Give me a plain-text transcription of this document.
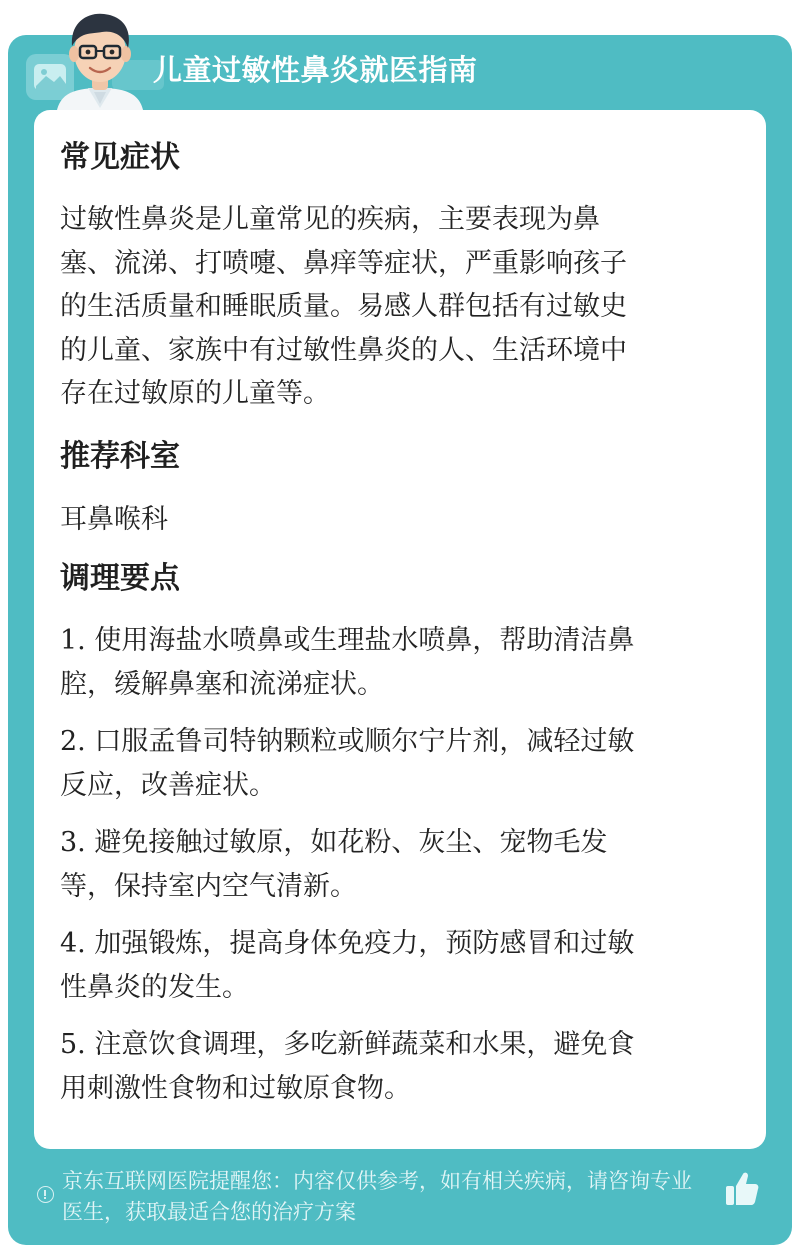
儿童过敏性鼻炎就医指南
常见症状
过敏性鼻炎是儿童常见的疾病，主要表现为鼻
塞、流涕、打喷嚏、鼻痒等症状，严重影响孩子
的生活质量和睡眠质量。易感人群包括有过敏史
的儿童、家族中有过敏性鼻炎的人、生活环境中
存在过敏原的儿童等。
推荐科室
耳鼻喉科
调理要点
1. 使用海盐水喷鼻或生理盐水喷鼻，帮助清洁鼻
腔，缓解鼻塞和流涕症状。
2. 口服孟鲁司特钠颗粒或顺尔宁片剂，减轻过敏
反应，改善症状。
3. 避免接触过敏原，如花粉、灰尘、宠物毛发
等，保持室内空气清新。
4. 加强锻炼，提高身体免疫力，预防感冒和过敏
性鼻炎的发生。
5. 注意饮食调理，多吃新鲜蔬菜和水果，避免食
用刺激性食物和过敏原食物。
京东互联网医院提醒您：内容仅供参考，如有相关疾病，请咨询专业
医生，获取最适合您的治疗方案
